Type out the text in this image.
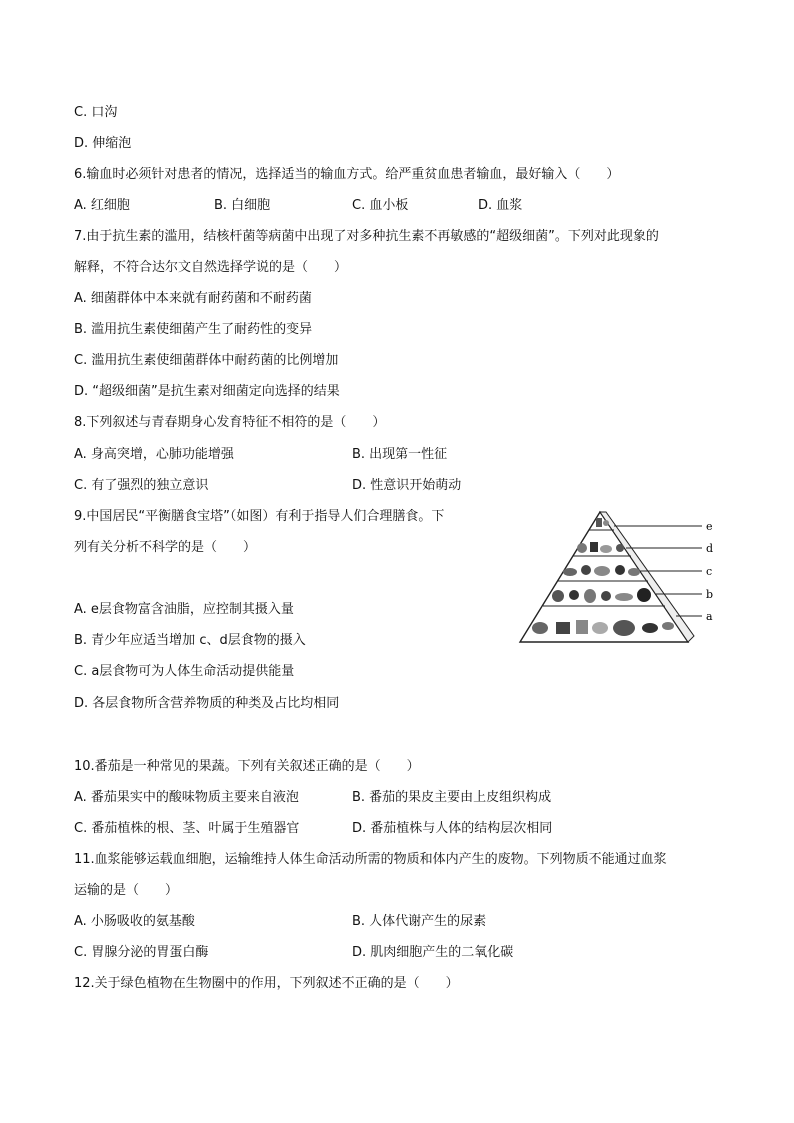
C. 口沟
D. 伸缩泡
6.输血时必须针对患者的情况，选择适当的输血方式。给严重贫血患者输血，最好输入（　　）
A. 红细胞	B. 白细胞	C. 血小板	D. 血浆
7.由于抗生素的滥用，结核杆菌等病菌中出现了对多种抗生素不再敏感的“超级细菌”。下列对此现象的
解释，不符合达尔文自然选择学说的是（　　）
A. 细菌群体中本来就有耐药菌和不耐药菌
B. 滥用抗生素使细菌产生了耐药性的变异
C. 滥用抗生素使细菌群体中耐药菌的比例增加
D. “超级细菌”是抗生素对细菌定向选择的结果
8.下列叙述与青春期身心发育特征不相符的是（　　）
A. 身高突增，心肺功能增强	B. 出现第一性征
C. 有了强烈的独立意识	D. 性意识开始萌动
9.中国居民“平衡膳食宝塔”（如图）有利于指导人们合理膳食。下
列有关分析不科学的是（　　）
A. e层食物富含油脂，应控制其摄入量
B. 青少年应适当增加 c、d层食物的摄入
C. a层食物可为人体生命活动提供能量
D. 各层食物所含营养物质的种类及占比均相同
e
d
c
b
a
10.番茄是一种常见的果蔬。下列有关叙述正确的是（　　）
A. 番茄果实中的酸味物质主要来自液泡	B. 番茄的果皮主要由上皮组织构成
C. 番茄植株的根、茎、叶属于生殖器官	D. 番茄植株与人体的结构层次相同
11.血浆能够运载血细胞，运输维持人体生命活动所需的物质和体内产生的废物。下列物质不能通过血浆
运输的是（　　）
A. 小肠吸收的氨基酸	B. 人体代谢产生的尿素
C. 胃腺分泌的胃蛋白酶	D. 肌肉细胞产生的二氧化碳
12.关于绿色植物在生物圈中的作用，下列叙述不正确的是（　　）
